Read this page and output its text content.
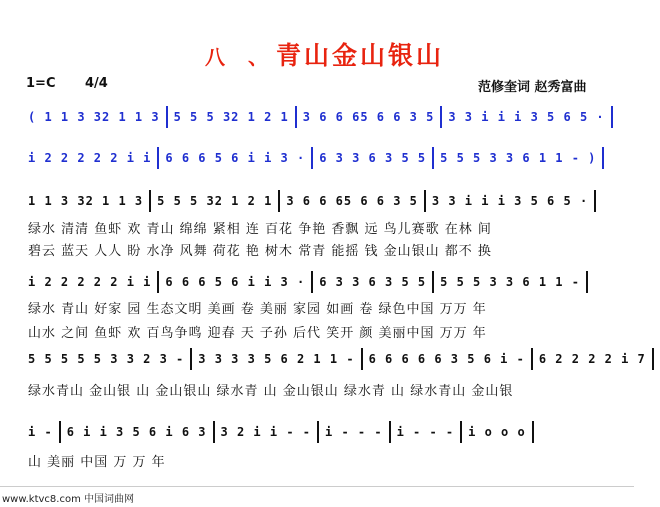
八 、青山金山银山
1=C 4/4	范修奎词 赵秀富曲
( 1 1 3 32 1 1 3 5 5 5 32 1 2 1 3 6 6 65 6 6 3 5 3 3 i i i 3 5 6 5 ·
i 2 2 2 2 2 i i 6 6 6 5 6 i i 3 · 6 3 3 6 3 5 5 5 5 5 3 3 6 1 1 - )
1 1 3 32 1 1 3 5 5 5 32 1 2 1 3 6 6 65 6 6 3 5 3 3 i i i 3 5 6 5 ·
i 2 2 2 2 2 i i 6 6 6 5 6 i i 3 · 6 3 3 6 3 5 5 5 5 5 3 3 6 1 1 -
5 5 5 5 5 3 3 2 3 - 3 3 3 3 5 6 2 1 1 - 6 6 6 6 6 3 5 6 i - 6 2 2 2 2 i 7
i - 6 i i 3 5 6 i 6 3 3 2 i i - - i - - - i - - - i o o o
绿水 清清 鱼虾 欢 青山 绵绵 紧相 连 百花 争艳 香飘 远 鸟儿赛歌 在林 间
碧云 蓝天 人人 盼 水净 风舞 荷花 艳 树木 常青 能摇 钱 金山银山 都不 换
绿水 青山 好家 园 生态文明 美画 卷 美丽 家园 如画 卷 绿色中国 万万 年
山水 之间 鱼虾 欢 百鸟争鸣 迎春 天 子孙 后代 笑开 颜 美丽中国 万万 年
绿水青山 金山银 山 金山银山 绿水青 山 金山银山 绿水青 山 绿水青山 金山银
山 美丽 中国 万 万 年
www.ktvc8.com 中国词曲网
